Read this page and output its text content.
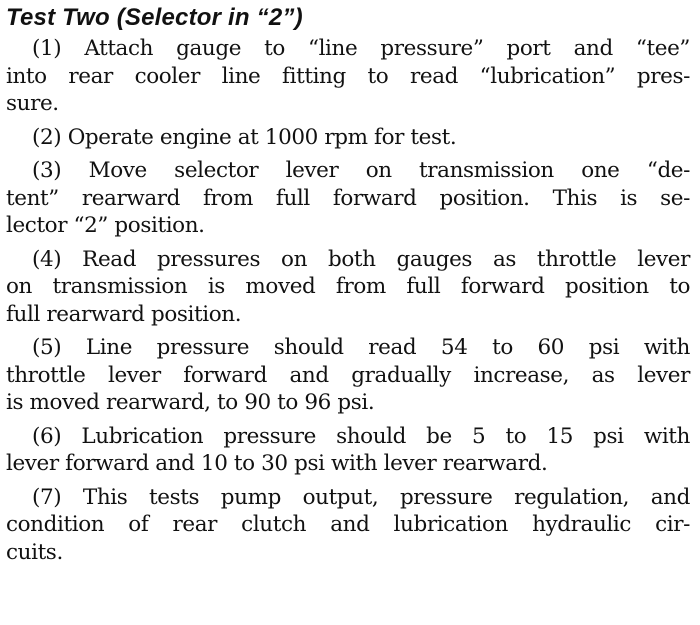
Test Two (Selector in “2”)
(1) Attach gauge to “line pressure” port and “tee”
into rear cooler line fitting to read “lubrication” pres-
sure.
(2) Operate engine at 1000 rpm for test.
(3) Move selector lever on transmission one “de-
tent” rearward from full forward position. This is se-
lector “2” position.
(4) Read pressures on both gauges as throttle lever
on transmission is moved from full forward position to
full rearward position.
(5) Line pressure should read 54 to 60 psi with
throttle lever forward and gradually increase, as lever
is moved rearward, to 90 to 96 psi.
(6) Lubrication pressure should be 5 to 15 psi with
lever forward and 10 to 30 psi with lever rearward.
(7) This tests pump output, pressure regulation, and
condition of rear clutch and lubrication hydraulic cir-
cuits.
